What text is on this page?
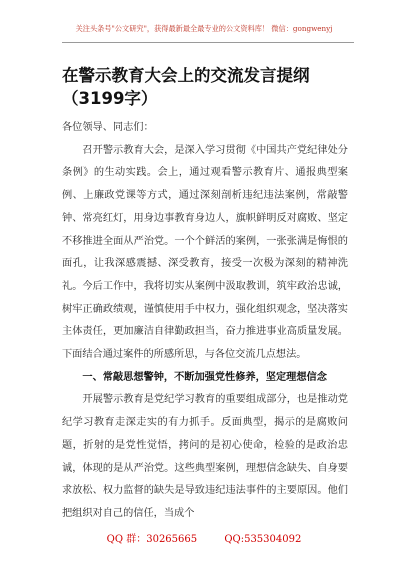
关注头条号"公文研究"，获得最新最全最专业的公文资料库！ 微信：gongwenyj
在警示教育大会上的交流发言提纲（3199字）

各位领导、同志们：

召开警示教育大会，是深入学习贯彻《中国共产党纪律处分条例》的生动实践。会上，通过观看警示教育片、通报典型案例、上廉政党课等方式，通过深刻剖析违纪违法案例，常敲警钟、常亮红灯，用身边事教育身边人，旗帜鲜明反对腐败、坚定不移推进全面从严治党。一个个鲜活的案例，一张张满是悔恨的面孔，让我深感震撼、深受教育，接受一次极为深刻的精神洗礼。今后工作中，我将切实从案例中汲取教训，筑牢政治忠诚，树牢正确政绩观，谨慎使用手中权力，强化组织观念，坚决落实主体责任，更加廉洁自律勤政担当，奋力推进事业高质量发展。下面结合通过案件的所感所思，与各位交流几点想法。

一、常敲思想警钟，不断加强党性修养，坚定理想信念

开展警示教育是党纪学习教育的重要组成部分，也是推动党纪学习教育走深走实的有力抓手。反面典型，揭示的是腐败问题，折射的是党性觉悟，拷问的是初心使命，检验的是政治忠诚，体现的是从严治党。这些典型案例，理想信念缺失、自身要求放松、权力监督的缺失是导致违纪违法事件的主要原因。他们把组织对自己的信任，当成个

QQ 群：30265665	QQ:535304092
